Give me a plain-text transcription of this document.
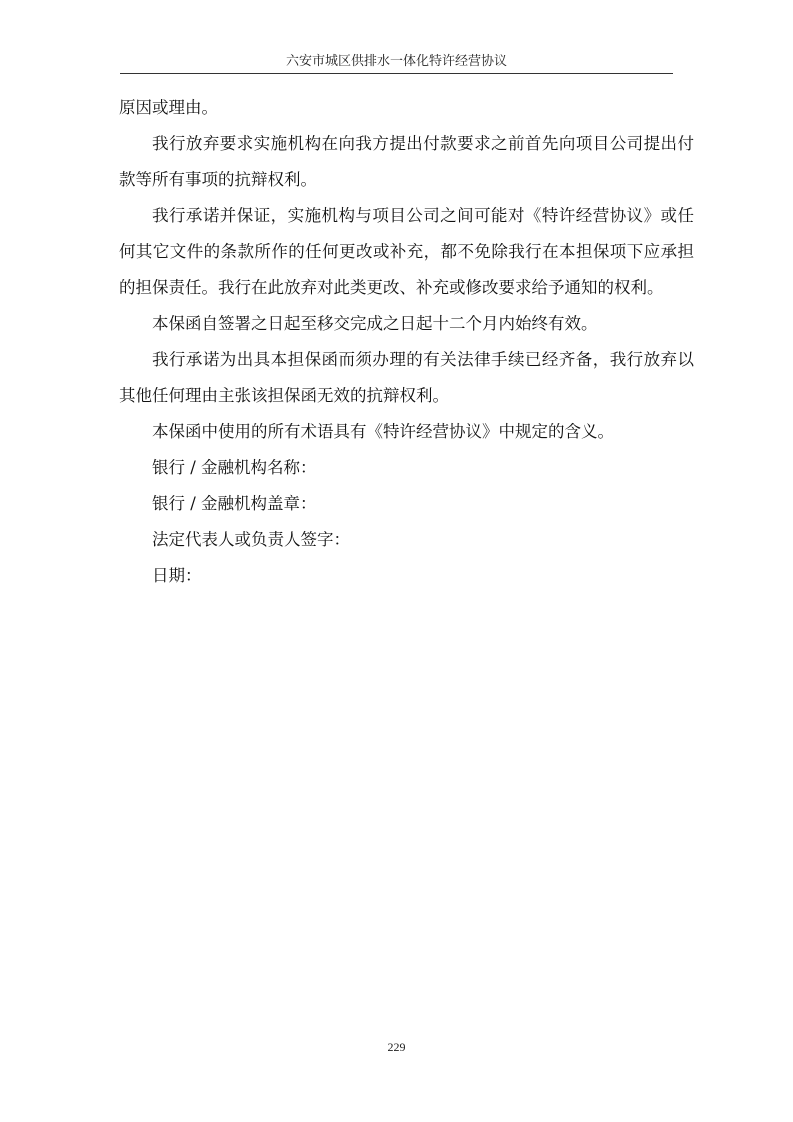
六安市城区供排水一体化特许经营协议

原因或理由。

我行放弃要求实施机构在向我方提出付款要求之前首先向项目公司提出付款等所有事项的抗辩权利。

我行承诺并保证，实施机构与项目公司之间可能对《特许经营协议》或任何其它文件的条款所作的任何更改或补充，都不免除我行在本担保项下应承担的担保责任。我行在此放弃对此类更改、补充或修改要求给予通知的权利。

本保函自签署之日起至移交完成之日起十二个月内始终有效。

我行承诺为出具本担保函而须办理的有关法律手续已经齐备，我行放弃以其他任何理由主张该担保函无效的抗辩权利。

本保函中使用的所有术语具有《特许经营协议》中规定的含义。

银行 / 金融机构名称：

银行 / 金融机构盖章：

法定代表人或负责人签字：

日期：

229
